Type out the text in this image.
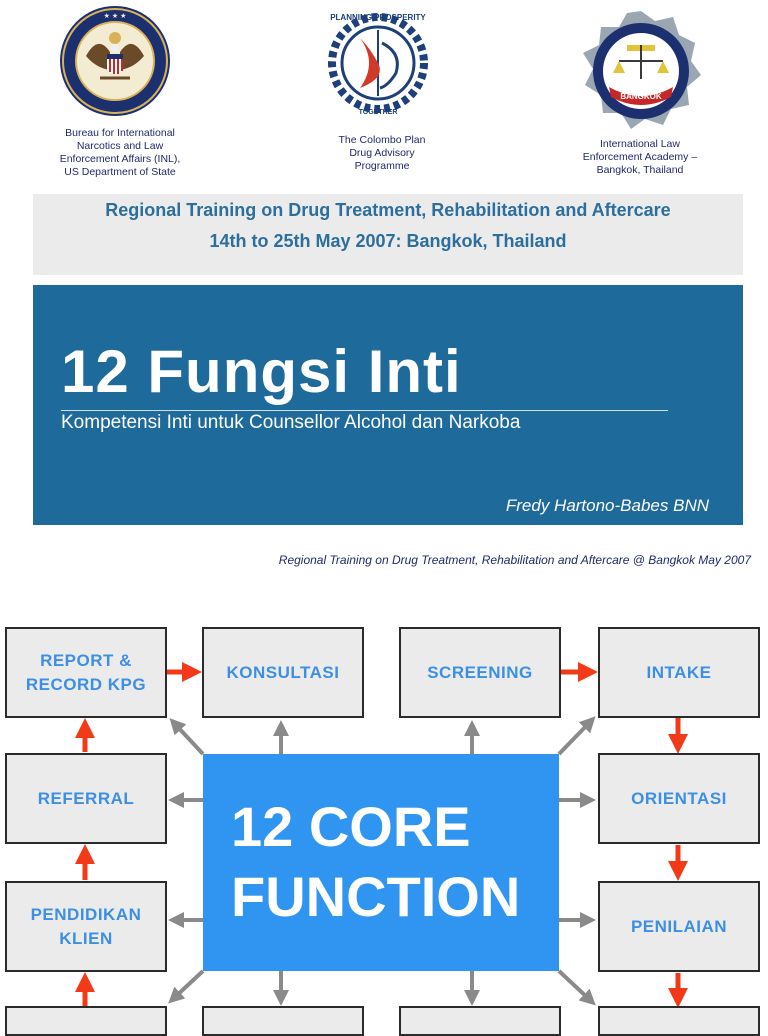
★ ★ ★	PLANNING PROSPERITY
TOGETHER
BANGKOK
Bureau for International
Narcotics and Law
Enforcement Affairs (INL),
US Department of State
The Colombo Plan
Drug Advisory
Programme
International Law
Enforcement Academy –
Bangkok, Thailand
Regional Training on Drug Treatment, Rehabilitation and Aftercare
14th to 25th May 2007: Bangkok, Thailand
12 Fungsi Inti
Kompetensi Inti untuk Counsellor Alcohol dan Narkoba
Fredy Hartono-Babes BNN
Regional Training on Drug Treatment, Rehabilitation and Aftercare @ Bangkok May 2007
REPORT &
RECORD KPG
KONSULTASI	SCREENING	INTAKE
REFERRAL	ORIENTASI
PENDIDIKAN
KLIEN
PENILAIAN
12 CORE
FUNCTION
